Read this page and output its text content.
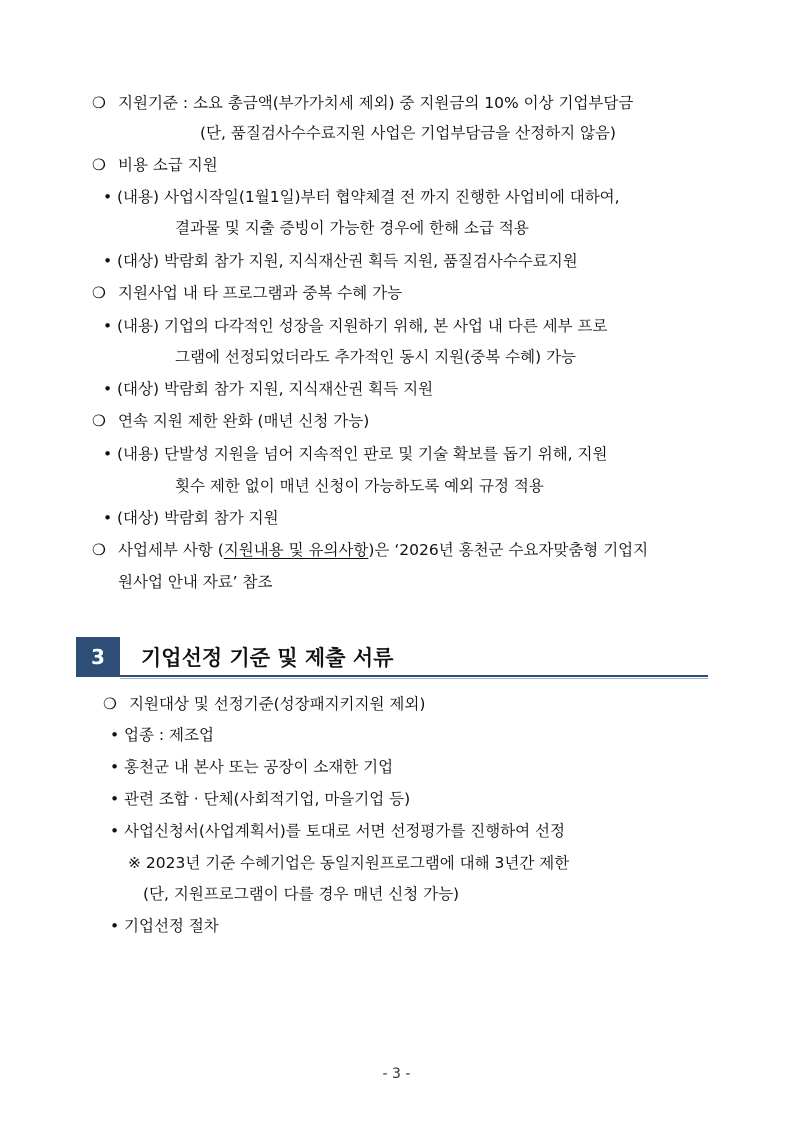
❍ 지원기준 : 소요 총금액(부가가치세 제외) 중 지원금의 10% 이상 기업부담금
(단, 품질검사수수료지원 사업은 기업부담금을 산정하지 않음)
❍ 비용 소급 지원
• (내용) 사업시작일(1월1일)부터 협약체결 전 까지 진행한 사업비에 대하여,
결과물 및 지출 증빙이 가능한 경우에 한해 소급 적용
• (대상) 박람회 참가 지원, 지식재산권 획득 지원, 품질검사수수료지원
❍ 지원사업 내 타 프로그램과 중복 수혜 가능
• (내용) 기업의 다각적인 성장을 지원하기 위해, 본 사업 내 다른 세부 프로
그램에 선정되었더라도 추가적인 동시 지원(중복 수혜) 가능
• (대상) 박람회 참가 지원, 지식재산권 획득 지원
❍ 연속 지원 제한 완화 (매년 신청 가능)
• (내용) 단발성 지원을 넘어 지속적인 판로 및 기술 확보를 돕기 위해, 지원
횟수 제한 없이 매년 신청이 가능하도록 예외 규정 적용
• (대상) 박람회 참가 지원
❍ 사업세부 사항 (지원내용 및 유의사항)은 ‘2026년 홍천군 수요자맞춤형 기업지
원사업 안내 자료’ 참조
3	기업선정 기준 및 제출 서류
❍ 지원대상 및 선정기준(성장패지키지원 제외)
• 업종 : 제조업
• 홍천군 내 본사 또는 공장이 소재한 기업
• 관련 조합 · 단체(사회적기업, 마을기업 등)
• 사업신청서(사업계획서)를 토대로 서면 선정평가를 진행하여 선정
※ 2023년 기준 수혜기업은 동일지원프로그램에 대해 3년간 제한
(단, 지원프로그램이 다를 경우 매년 신청 가능)
• 기업선정 절차
- 3 -
